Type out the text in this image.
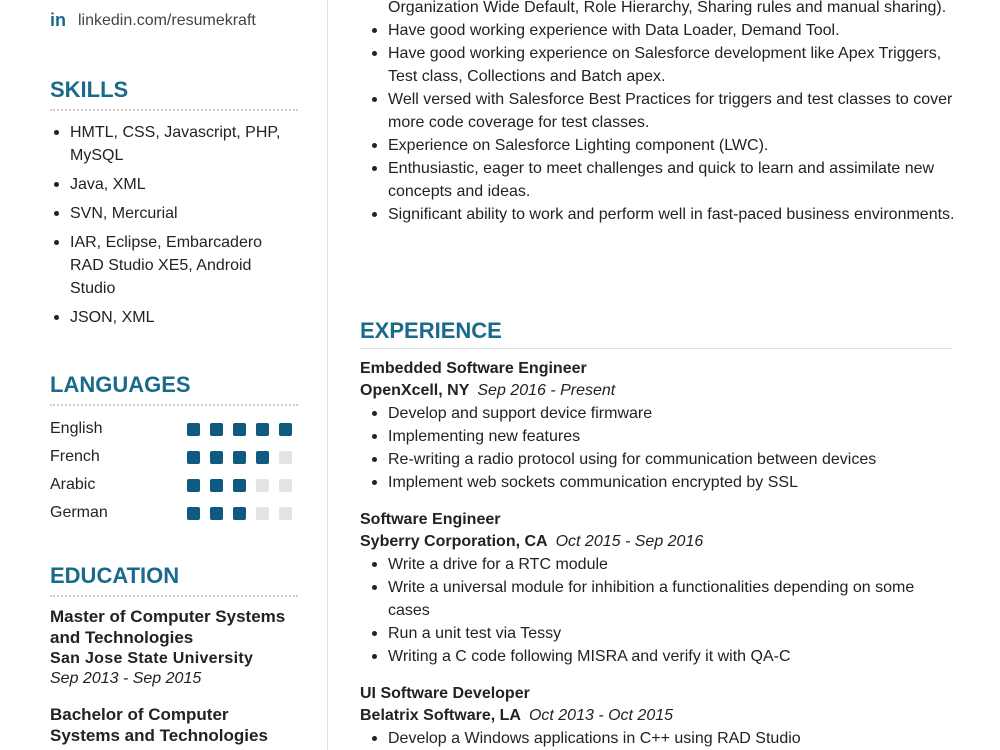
in linkedin.com/resumekraft
SKILLS
HMTL, CSS, Javascript, PHP, MySQL
Java, XML
SVN, Mercurial
IAR, Eclipse, Embarcadero RAD Studio XE5, Android Studio
JSON, XML
LANGUAGES
English
French
Arabic
German
EDUCATION
Master of Computer Systems and Technologies
San Jose State University
Sep 2013 - Sep 2015
Bachelor of Computer Systems and Technologies
Organization Wide Default, Role Hierarchy, Sharing rules and manual sharing).
Have good working experience with Data Loader, Demand Tool.
Have good working experience on Salesforce development like Apex Triggers, Test class, Collections and Batch apex.
Well versed with Salesforce Best Practices for triggers and test classes to cover more code coverage for test classes.
Experience on Salesforce Lighting component (LWC).
Enthusiastic, eager to meet challenges and quick to learn and assimilate new concepts and ideas.
Significant ability to work and perform well in fast-paced business environments.
EXPERIENCE
Embedded Software Engineer
OpenXcell, NY Sep 2016 - Present
Develop and support device firmware
Implementing new features
Re-writing a radio protocol using for communication between devices
Implement web sockets communication encrypted by SSL
Software Engineer
Syberry Corporation, CA Oct 2015 - Sep 2016
Write a drive for a RTC module
Write a universal module for inhibition a functionalities depending on some cases
Run a unit test via Tessy
Writing a C code following MISRA and verify it with QA-C
UI Software Developer
Belatrix Software, LA Oct 2013 - Oct 2015
Develop a Windows applications in C++ using RAD Studio
